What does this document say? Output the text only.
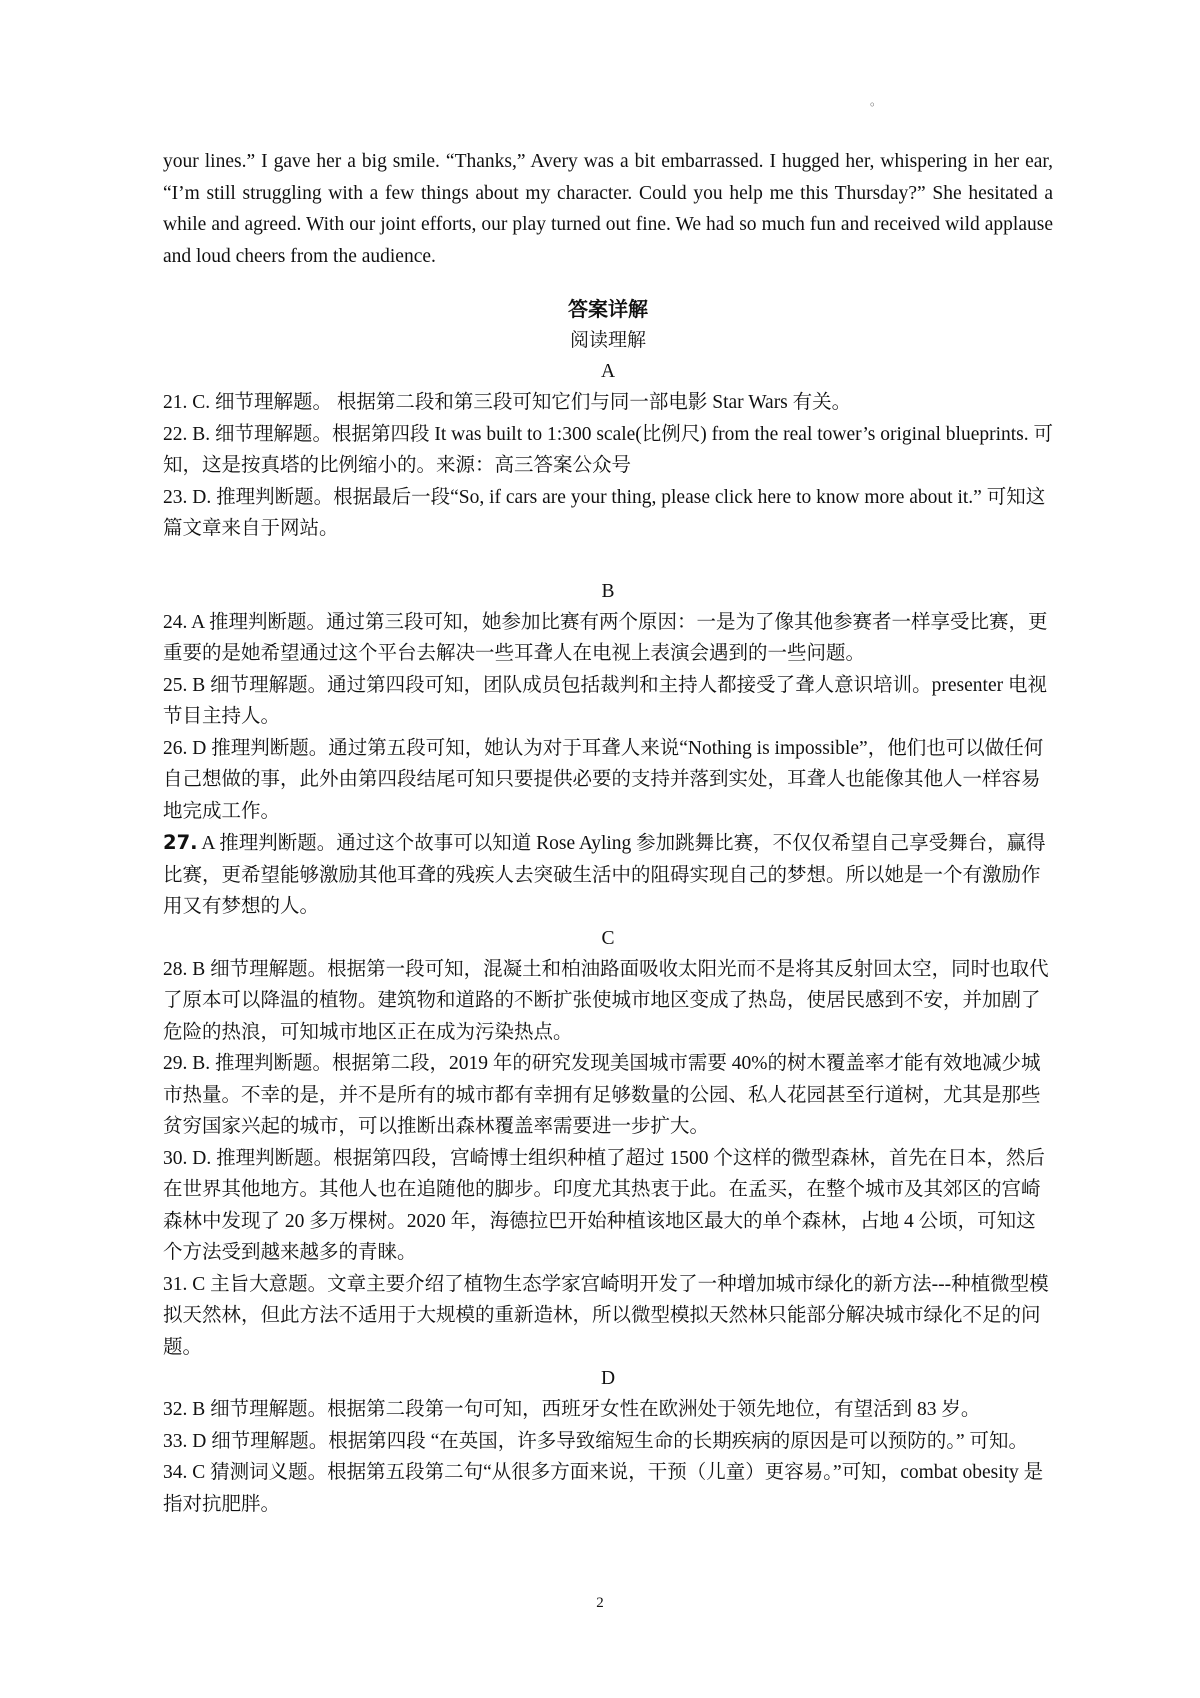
。

your lines.” I gave her a big smile. “Thanks,” Avery was a bit embarrassed. I hugged her, whispering in her ear, “I’m still struggling with a few things about my character. Could you help me this Thursday?” She hesitated a while and agreed. With our joint efforts, our play turned out fine. We had so much fun and received wild applause and loud cheers from the audience.

答案详解
阅读理解
A

21. C. 细节理解题。 根据第二段和第三段可知它们与同一部电影 Star Wars 有关。

22. B. 细节理解题。根据第四段 It was built to 1:300 scale(比例尺) from the real tower’s original blueprints. 可知，这是按真塔的比例缩小的。来源：高三答案公众号

23. D. 推理判断题。根据最后一段“So, if cars are your thing, please click here to know more about it.” 可知这篇文章来自于网站。

B

24. A 推理判断题。通过第三段可知，她参加比赛有两个原因：一是为了像其他参赛者一样享受比赛，更重要的是她希望通过这个平台去解决一些耳聋人在电视上表演会遇到的一些问题。

25. B 细节理解题。通过第四段可知，团队成员包括裁判和主持人都接受了聋人意识培训。presenter 电视节目主持人。

26. D 推理判断题。通过第五段可知，她认为对于耳聋人来说“Nothing is impossible”，他们也可以做任何自己想做的事，此外由第四段结尾可知只要提供必要的支持并落到实处，耳聋人也能像其他人一样容易地完成工作。

27. A 推理判断题。通过这个故事可以知道 Rose Ayling 参加跳舞比赛，不仅仅希望自己享受舞台，赢得比赛，更希望能够激励其他耳聋的残疾人去突破生活中的阻碍实现自己的梦想。所以她是一个有激励作用又有梦想的人。

C

28. B 细节理解题。根据第一段可知，混凝土和柏油路面吸收太阳光而不是将其反射回太空，同时也取代了原本可以降温的植物。建筑物和道路的不断扩张使城市地区变成了热岛，使居民感到不安，并加剧了危险的热浪，可知城市地区正在成为污染热点。

29. B. 推理判断题。根据第二段，2019 年的研究发现美国城市需要 40%的树木覆盖率才能有效地减少城市热量。不幸的是，并不是所有的城市都有幸拥有足够数量的公园、私人花园甚至行道树，尤其是那些贫穷国家兴起的城市，可以推断出森林覆盖率需要进一步扩大。

30. D. 推理判断题。根据第四段，宫崎博士组织种植了超过 1500 个这样的微型森林，首先在日本，然后在世界其他地方。其他人也在追随他的脚步。印度尤其热衷于此。在孟买，在整个城市及其郊区的宫崎森林中发现了 20 多万棵树。2020 年，海德拉巴开始种植该地区最大的单个森林，占地 4 公顷，可知这个方法受到越来越多的青睐。

31. C 主旨大意题。文章主要介绍了植物生态学家宫崎明开发了一种增加城市绿化的新方法---种植微型模拟天然林，但此方法不适用于大规模的重新造林，所以微型模拟天然林只能部分解决城市绿化不足的问题。

D

32. B 细节理解题。根据第二段第一句可知，西班牙女性在欧洲处于领先地位，有望活到 83 岁。

33. D 细节理解题。根据第四段 “在英国，许多导致缩短生命的长期疾病的原因是可以预防的。” 可知。

34. C 猜测词义题。根据第五段第二句“从很多方面来说，干预（儿童）更容易。”可知，combat obesity 是指对抗肥胖。

2
